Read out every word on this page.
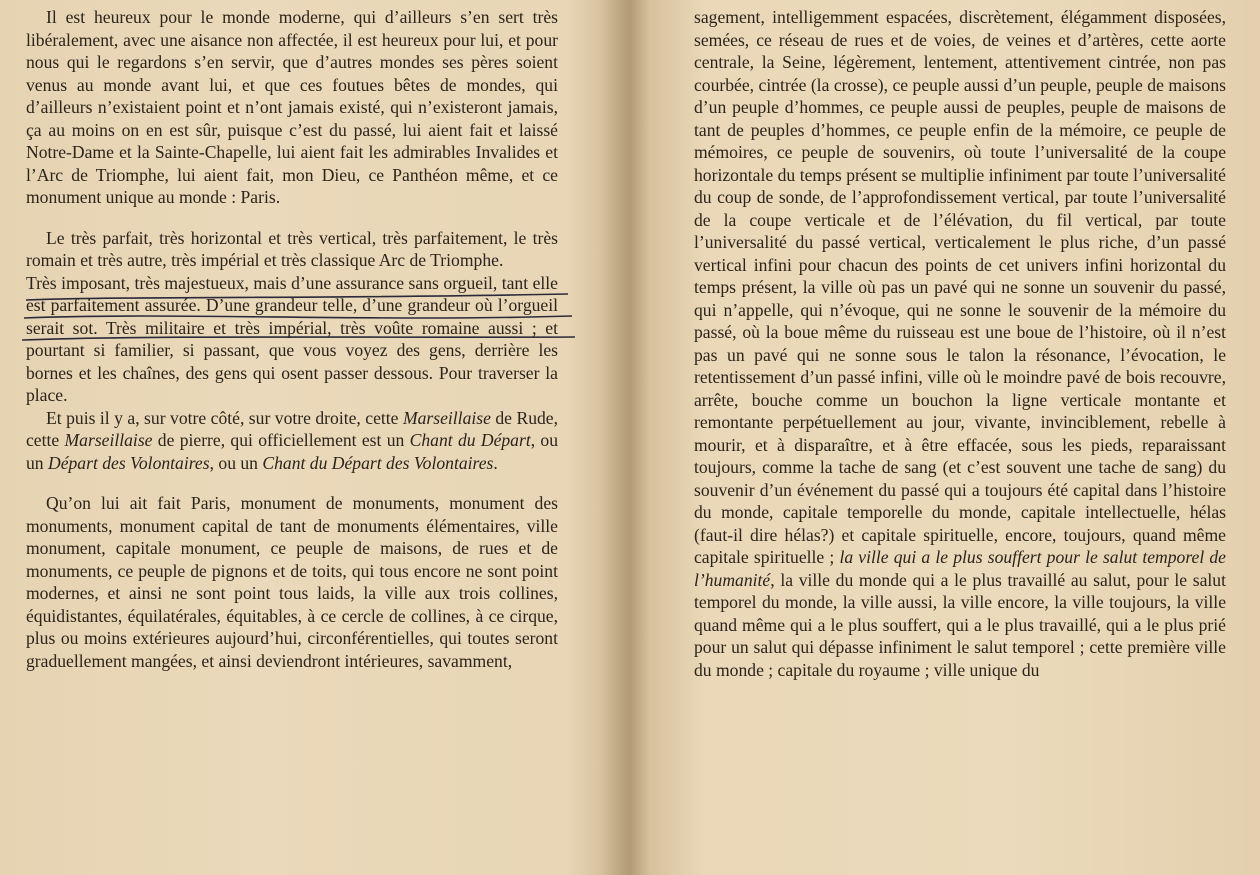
Il est heureux pour le monde moderne, qui d’ailleurs s’en sert très libéralement, avec une aisance non affectée, il est heureux pour lui, et pour nous qui le regardons s’en servir, que d’autres mondes ses pères soient venus au monde avant lui, et que ces foutues bêtes de mondes, qui d’ailleurs n’existaient point et n’ont jamais existé, qui n’existeront jamais, ça au moins on en est sûr, puisque c’est du passé, lui aient fait et laissé Notre-Dame et la Sainte-Chapelle, lui aient fait les admirables Invalides et l’Arc de Triomphe, lui aient fait, mon Dieu, ce Panthéon même, et ce monument unique au monde : Paris.

Le très parfait, très horizontal et très vertical, très parfaitement, le très romain et très autre, très impérial et très classique Arc de Triomphe.

Très imposant, très majestueux, mais d’une assurance sans orgueil, tant elle est parfaitement assurée. D’une grandeur telle, d’une grandeur où l’orgueil serait sot. Très militaire et très impérial, très voûte romaine aussi ; et pourtant si familier, si passant, que vous voyez des gens, derrière les bornes et les chaînes, des gens qui osent passer dessous. Pour traverser la place.

Et puis il y a, sur votre côté, sur votre droite, cette Marseillaise de Rude, cette Marseillaise de pierre, qui officiellement est un Chant du Départ, ou un Départ des Volontaires, ou un Chant du Départ des Volontaires.

Qu’on lui ait fait Paris, monument de monuments, monument des monuments, monument capital de tant de monuments élémentaires, ville monument, capitale monument, ce peuple de maisons, de rues et de monuments, ce peuple de pignons et de toits, qui tous encore ne sont point modernes, et ainsi ne sont point tous laids, la ville aux trois collines, équidistantes, équilatérales, équitables, à ce cercle de collines, à ce cirque, plus ou moins extérieures aujourd’hui, circonférentielles, qui toutes seront graduellement mangées, et ainsi deviendront intérieures, savamment,

sagement, intelligemment espacées, discrètement, élégamment disposées, semées, ce réseau de rues et de voies, de veines et d’artères, cette aorte centrale, la Seine, légèrement, lentement, attentivement cintrée, non pas courbée, cintrée (la crosse), ce peuple aussi d’un peuple, peuple de maisons d’un peuple d’hommes, ce peuple aussi de peuples, peuple de maisons de tant de peuples d’hommes, ce peuple enfin de la mémoire, ce peuple de mémoires, ce peuple de souvenirs, où toute l’universalité de la coupe horizontale du temps présent se multiplie infiniment par toute l’universalité du coup de sonde, de l’approfondissement vertical, par toute l’universalité de la coupe verticale et de l’élévation, du fil vertical, par toute l’universalité du passé vertical, verticalement le plus riche, d’un passé vertical infini pour chacun des points de cet univers infini horizontal du temps présent, la ville où pas un pavé qui ne sonne un souvenir du passé, qui n’appelle, qui n’évoque, qui ne sonne le souvenir de la mémoire du passé, où la boue même du ruisseau est une boue de l’histoire, où il n’est pas un pavé qui ne sonne sous le talon la résonance, l’évocation, le retentissement d’un passé infini, ville où le moindre pavé de bois recouvre, arrête, bouche comme un bouchon la ligne verticale montante et remontante perpétuellement au jour, vivante, invinciblement, rebelle à mourir, et à disparaître, et à être effacée, sous les pieds, reparaissant toujours, comme la tache de sang (et c’est souvent une tache de sang) du souvenir d’un événement du passé qui a toujours été capital dans l’histoire du monde, capitale temporelle du monde, capitale intellectuelle, hélas (faut-il dire hélas?) et capitale spirituelle, encore, toujours, quand même capitale spirituelle ; la ville qui a le plus souffert pour le salut temporel de l’humanité, la ville du monde qui a le plus travaillé au salut, pour le salut temporel du monde, la ville aussi, la ville encore, la ville toujours, la ville quand même qui a le plus souffert, qui a le plus travaillé, qui a le plus prié pour un salut qui dépasse infiniment le salut temporel ; cette première ville du monde ; capitale du royaume ; ville unique du
